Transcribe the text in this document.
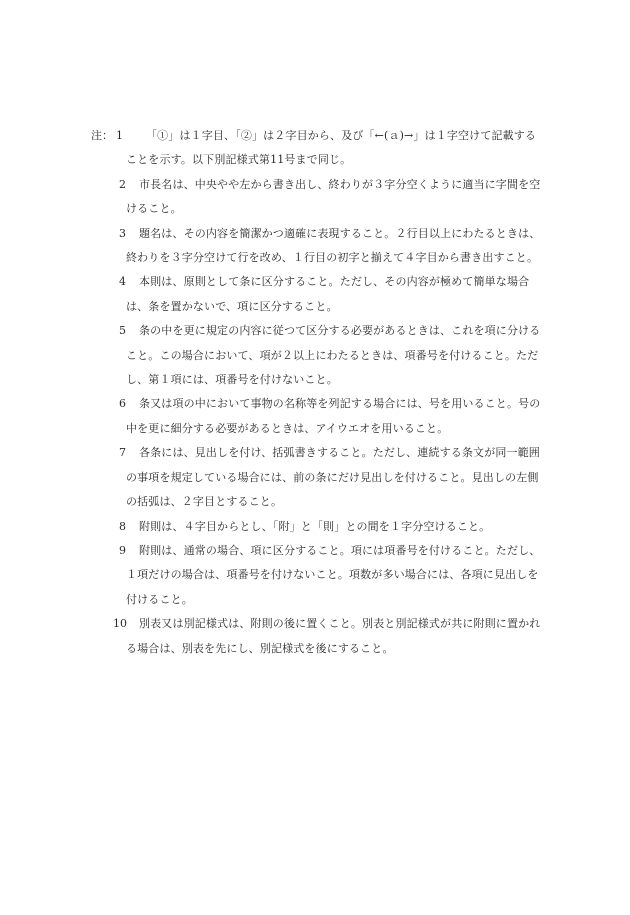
注： 1	「①」は１字目、「②」は２字目から、及び「←(ａ)→」は１字空けて記載することを示す。以下別記様式第11号まで同じ。
2	市長名は、中央やや左から書き出し、終わりが３字分空くように適当に字間を空けること。
3	題名は、その内容を簡潔かつ適確に表現すること。２行目以上にわたるときは、終わりを３字分空けて行を改め、１行目の初字と揃えて４字目から書き出すこと。
4	本則は、原則として条に区分すること。ただし、その内容が極めて簡単な場合は、条を置かないで、項に区分すること。
5	条の中を更に規定の内容に従つて区分する必要があるときは、これを項に分けること。この場合において、項が２以上にわたるときは、項番号を付けること。ただし、第１項には、項番号を付けないこと。
6	条又は項の中において事物の名称等を列記する場合には、号を用いること。号の中を更に細分する必要があるときは、アイウエオを用いること。
7	各条には、見出しを付け、括弧書きすること。ただし、連続する条文が同一範囲の事項を規定している場合には、前の条にだけ見出しを付けること。見出しの左側の括弧は、２字目とすること。
8	附則は、４字目からとし、「附」と「則」との間を１字分空けること。
9	附則は、通常の場合、項に区分すること。項には項番号を付けること。ただし、１項だけの場合は、項番号を付けないこと。項数が多い場合には、各項に見出しを付けること。
10	別表又は別記様式は、附則の後に置くこと。別表と別記様式が共に附則に置かれる場合は、別表を先にし、別記様式を後にすること。
